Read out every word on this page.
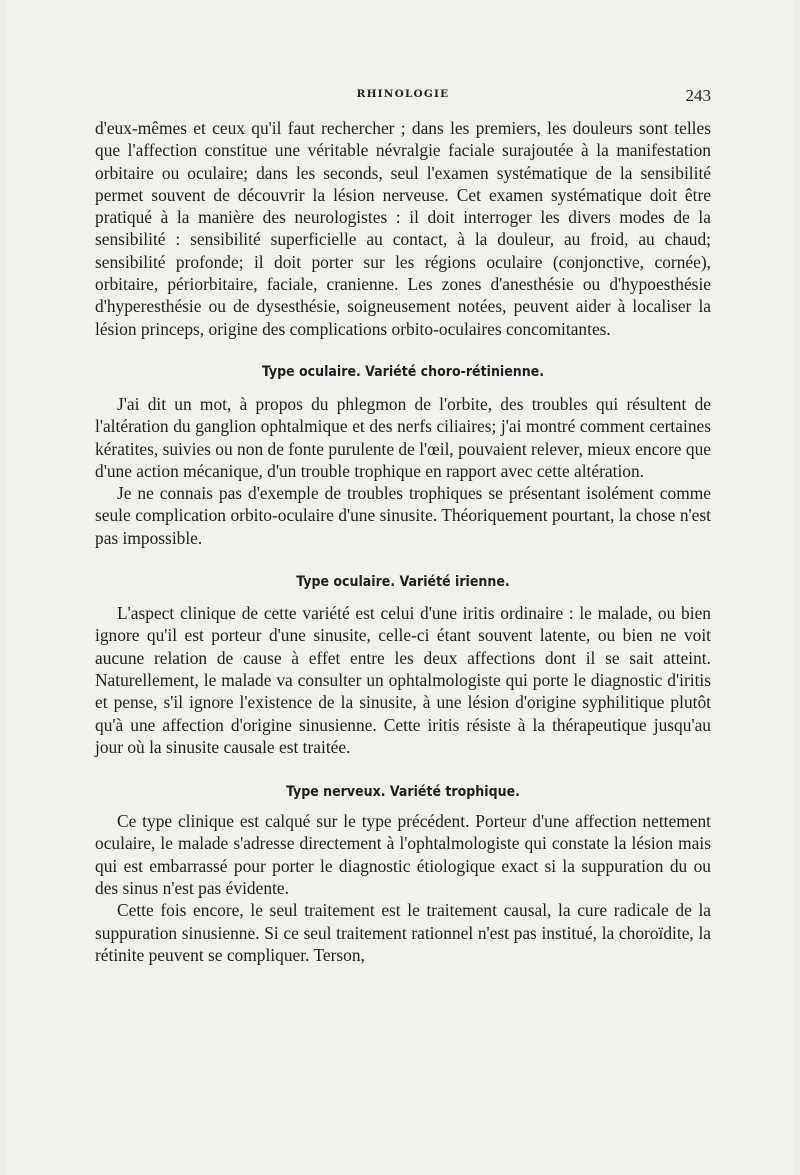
RHINOLOGIE	243

d'eux-mêmes et ceux qu'il faut rechercher ; dans les premiers, les douleurs sont telles que l'affection constitue une véritable névralgie faciale surajoutée à la manifestation orbitaire ou oculaire; dans les seconds, seul l'examen systématique de la sensibilité permet souvent de découvrir la lésion nerveuse. Cet examen systématique doit être pratiqué à la manière des neurologistes : il doit interroger les divers modes de la sensibilité : sensibilité superficielle au contact, à la douleur, au froid, au chaud; sensibilité profonde; il doit porter sur les régions oculaire (conjonctive, cornée), orbitaire, périorbitaire, faciale, cranienne. Les zones d'anesthésie ou d'hypoesthésie d'hyperesthésie ou de dysesthésie, soigneusement notées, peuvent aider à localiser la lésion princeps, origine des complications orbito-oculaires concomitantes.

Type oculaire. Variété choro-rétinienne.

J'ai dit un mot, à propos du phlegmon de l'orbite, des troubles qui résultent de l'altération du ganglion ophtalmique et des nerfs ciliaires; j'ai montré comment certaines kératites, suivies ou non de fonte purulente de l'œil, pouvaient relever, mieux encore que d'une action mécanique, d'un trouble trophique en rapport avec cette altération.

Je ne connais pas d'exemple de troubles trophiques se présentant isolément comme seule complication orbito-oculaire d'une sinusite. Théoriquement pourtant, la chose n'est pas impossible.

Type oculaire. Variété irienne.

L'aspect clinique de cette variété est celui d'une iritis ordinaire : le malade, ou bien ignore qu'il est porteur d'une sinusite, celle-ci étant souvent latente, ou bien ne voit aucune relation de cause à effet entre les deux affections dont il se sait atteint. Naturellement, le malade va consulter un ophtalmologiste qui porte le diagnostic d'iritis et pense, s'il ignore l'existence de la sinusite, à une lésion d'origine syphilitique plutôt qu'à une affection d'origine sinusienne. Cette iritis résiste à la thérapeutique jusqu'au jour où la sinusite causale est traitée.

Type nerveux. Variété trophique.

Ce type clinique est calqué sur le type précédent. Porteur d'une affection nettement oculaire, le malade s'adresse directement à l'ophtalmologiste qui constate la lésion mais qui est embarrassé pour porter le diagnostic étiologique exact si la suppuration du ou des sinus n'est pas évidente.

Cette fois encore, le seul traitement est le traitement causal, la cure radicale de la suppuration sinusienne. Si ce seul traitement rationnel n'est pas institué, la choroïdite, la rétinite peuvent se compliquer. Terson,
